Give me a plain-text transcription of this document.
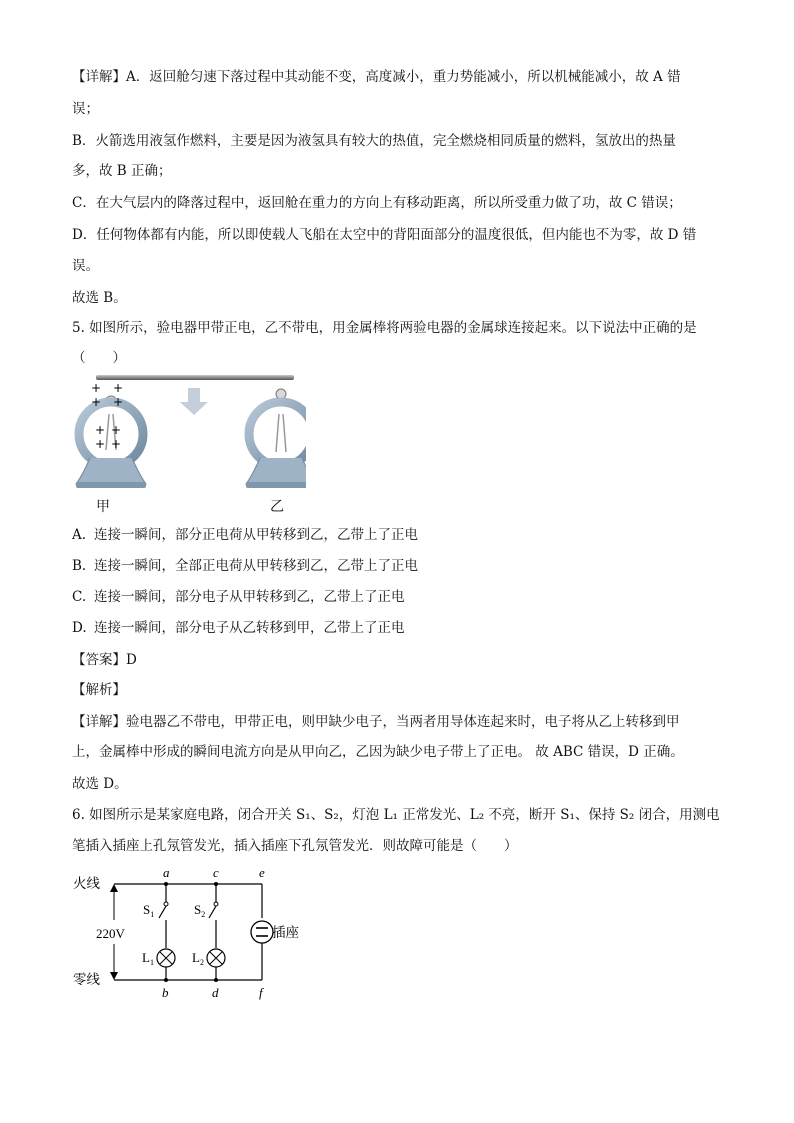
【详解】A．返回舱匀速下落过程中其动能不变，高度减小，重力势能减小，所以机械能减小，故 A 错
误；
B．火箭选用液氢作燃料，主要是因为液氢具有较大的热值，完全燃烧相同质量的燃料，氢放出的热量
多，故 B 正确；
C．在大气层内的降落过程中，返回舱在重力的方向上有移动距离，所以所受重力做了功，故 C 错误；
D．任何物体都有内能，所以即使载人飞船在太空中的背阳面部分的温度很低，但内能也不为零，故 D 错
误。
故选 B。
5. 如图所示，验电器甲带正电，乙不带电，用金属棒将两验电器的金属球连接起来。以下说法中正确的是
（　　）
+ +
+ +
+ +
+ +
甲	乙
A. 连接一瞬间，部分正电荷从甲转移到乙，乙带上了正电
B. 连接一瞬间，全部正电荷从甲转移到乙，乙带上了正电
C. 连接一瞬间，部分电子从甲转移到乙，乙带上了正电
D. 连接一瞬间，部分电子从乙转移到甲，乙带上了正电
【答案】D
【解析】
【详解】验电器乙不带电，甲带正电，则甲缺少电子，当两者用导体连起来时，电子将从乙上转移到甲
上，金属棒中形成的瞬间电流方向是从甲向乙，乙因为缺少电子带上了正电。 故 ABC 错误，D 正确。
故选 D。
6. 如图所示是某家庭电路，闭合开关 S₁、S₂，灯泡 L₁ 正常发光、L₂ 不亮，断开 S₁、保持 S₂ 闭合，用测电
笔插入插座上孔氖管发光，插入插座下孔氖管发光．则故障可能是（　　）
火线
零线
220V	插座
a	c	e
b	d	f
$S_1$	$S_2$
$L_1$	$L_2$
